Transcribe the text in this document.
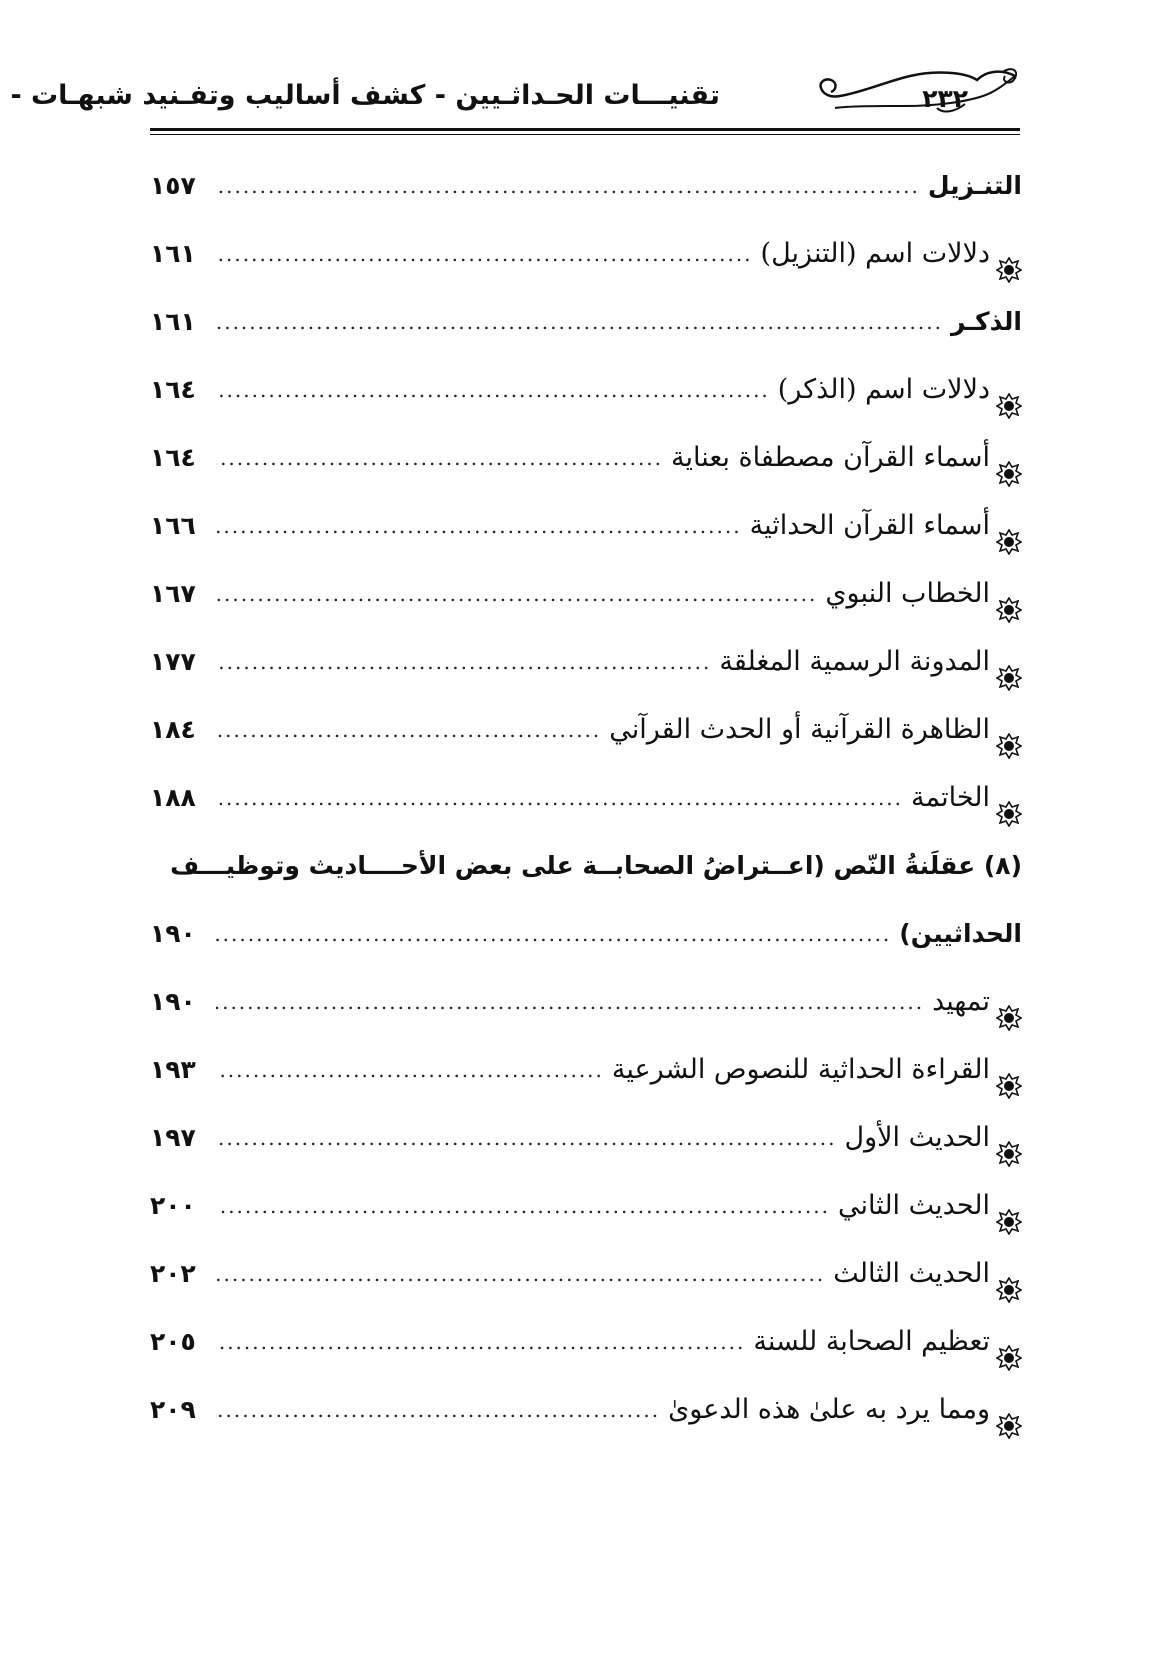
تقنيـــات الحـداثـيين - كشف أساليب وتفـنيد شبهـات -	٢٣٢
التنـزيل
.....
١٥٧
دلالات اسم (التنزيل)
.....
١٦١
الذكـر
.....
١٦١
دلالات اسم (الذكر)
.....
١٦٤
أسماء القرآن مصطفاة بعناية
.....
١٦٤
أسماء القرآن الحداثية
.....
١٦٦
الخطاب النبوي
.....
١٦٧
المدونة الرسمية المغلقة
.....
١٧٧
الظاهرة القرآنية أو الحدث القرآني
.....
١٨٤
الخاتمة
.....
١٨٨
(٨) عقلَنةُ النّص (اعــتراضُ الصحابــة على بعض الأحــــاديث وتوظيـــف
الحداثيين)
.....
١٩٠
تمهيد
.....
١٩٠
القراءة الحداثية للنصوص الشرعية
.....
١٩٣
الحديث الأول
.....
١٩٧
الحديث الثاني
.....
٢٠٠
الحديث الثالث
.....
٢٠٢
تعظيم الصحابة للسنة
.....
٢٠٥
ومما يرد به علىٰ هذه الدعوىٰ
.....
٢٠٩
